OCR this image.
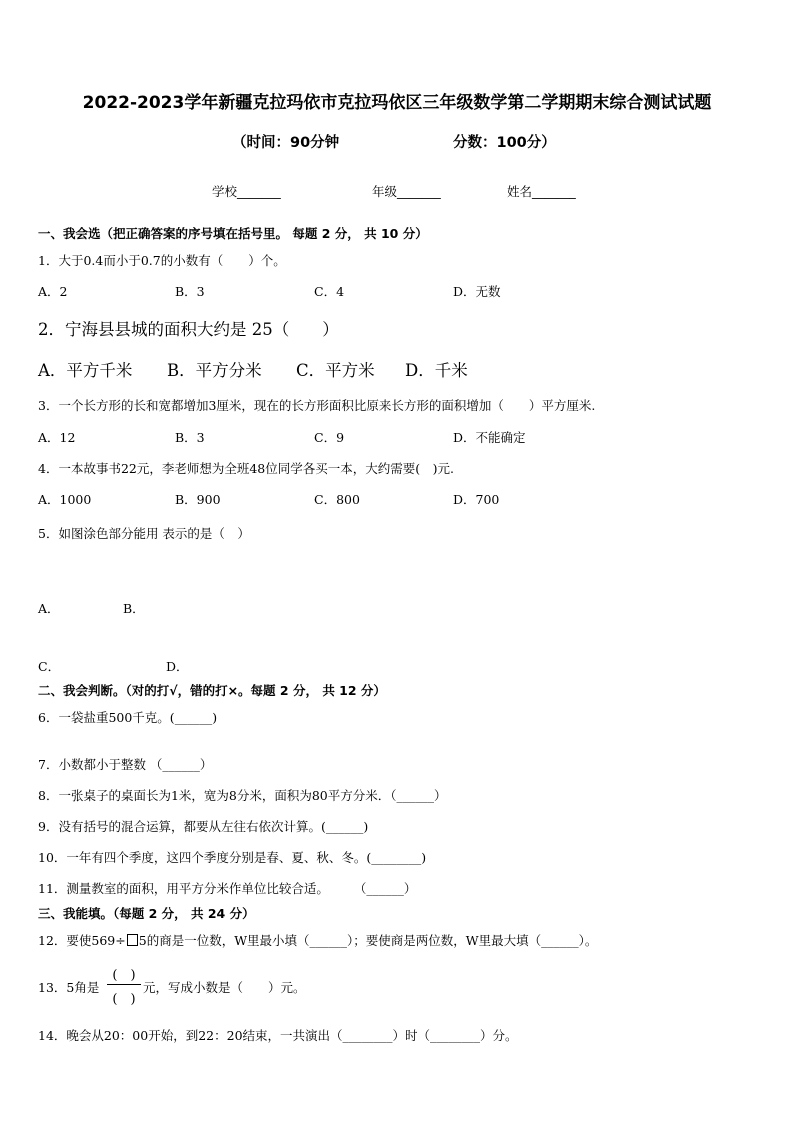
2022-2023学年新疆克拉玛依市克拉玛依区三年级数学第二学期期末综合测试试题
（时间：90分钟	分数：100分）
学校_______	年级_______	姓名_______
一、我会选（把正确答案的序号填在括号里。 每题 2 分， 共 10 分）
1．大于0.4而小于0.7的小数有（　　）个。
A．2	B．3	C．4	D．无数
2．宁海县县城的面积大约是 25（　　）
A．平方千米 B．平方分米 C．平方米 D．千米
3．一个长方形的长和宽都增加3厘米，现在的长方形面积比原来长方形的面积增加（　　）平方厘米.
A．12	B．3	C．9	D．不能确定
4．一本故事书22元，李老师想为全班48位同学各买一本，大约需要(　)元.
A．1000	B．900	C．800	D．700
5．如图涂色部分能用 表示的是（　）
A．	B．
C．	D．
二、我会判断。（对的打√，错的打×。每题 2 分， 共 12 分）
6．一袋盐重500千克。(______)
7．小数都小于整数 （______）
8．一张桌子的桌面长为1米，宽为8分米，面积为80平方分米．（______）
9．没有括号的混合运算，都要从左往右依次计算。(______)
10．一年有四个季度，这四个季度分别是春、夏、秋、冬。(________)
11．测量教室的面积，用平方分米作单位比较合适。　　　（______）
三、我能填。（每题 2 分， 共 24 分）
12．要使569÷ 5的商是一位数，W里最小填（______）；要使商是两位数，W里最大填（______）。
13．5角是
(　)
(　)
元，写成小数是（　　）元。
14．晚会从20：00开始，到22：20结束，一共演出（________）时（________）分。
